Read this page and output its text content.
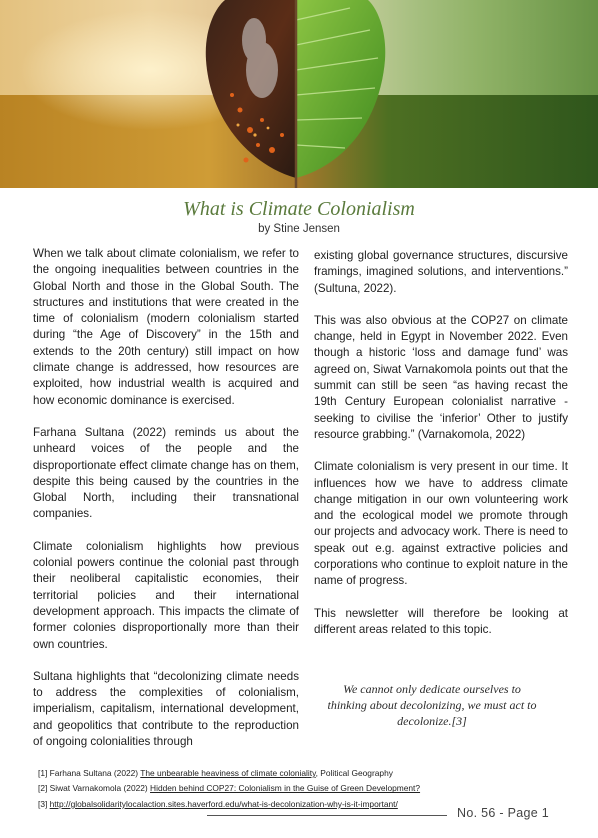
What is Climate Colonialism
by Stine Jensen

When we talk about climate colonialism, we refer to the ongoing inequalities between countries in the Global North and those in the Global South. The structures and institutions that were created in the time of colonialism (modern colonialism started during “the Age of Discovery” in the 15th and extends to the 20th century) still impact on how climate change is addressed, how resources are exploited, how industrial wealth is acquired and how economic dominance is exercised.

Farhana Sultana (2022) reminds us about the unheard voices of the people and the disproportionate effect climate change has on them, despite this being caused by the countries in the Global North, including their transnational companies.

Climate colonialism highlights how previous colonial powers continue the colonial past through their neoliberal capitalistic economies, their territorial policies and their international development approach. This impacts the climate of former colonies disproportionally more than their own countries.

Sultana highlights that “decolonizing climate needs to address the complexities of colonialism, imperialism, capitalism, international development, and geopolitics that contribute to the reproduction of ongoing colonialities through

existing global governance structures, discursive framings, imagined solutions, and interventions.” (Sultuna, 2022).

This was also obvious at the COP27 on climate change, held in Egypt in November 2022. Even though a historic ‘loss and damage fund’ was agreed on, Siwat Varnakomola points out that the summit can still be seen “as having recast the 19th Century European colonialist narrative - seeking to civilise the ‘inferior’ Other to justify resource grabbing.” (Varnakomola, 2022)

Climate colonialism is very present in our time. It influences how we have to address climate change mitigation in our own volunteering work and the ecological model we promote through our projects and advocacy work. There is need to speak out e.g. against extractive policies and corporations who continue to exploit nature in the name of progress.

This newsletter will therefore be looking at different areas related to this topic.

We cannot only dedicate ourselves to thinking about decolonizing, we must act to decolonize.[3]
[1] Farhana Sultana (2022) The unbearable heaviness of climate coloniality, Political Geography
[2] Siwat Varnakomola (2022) Hidden behind COP27: Colonialism in the Guise of Green Development?
[3] http://globalsolidaritylocalaction.sites.haverford.edu/what-is-decolonization-why-is-it-important/
No. 56 - Page 1
